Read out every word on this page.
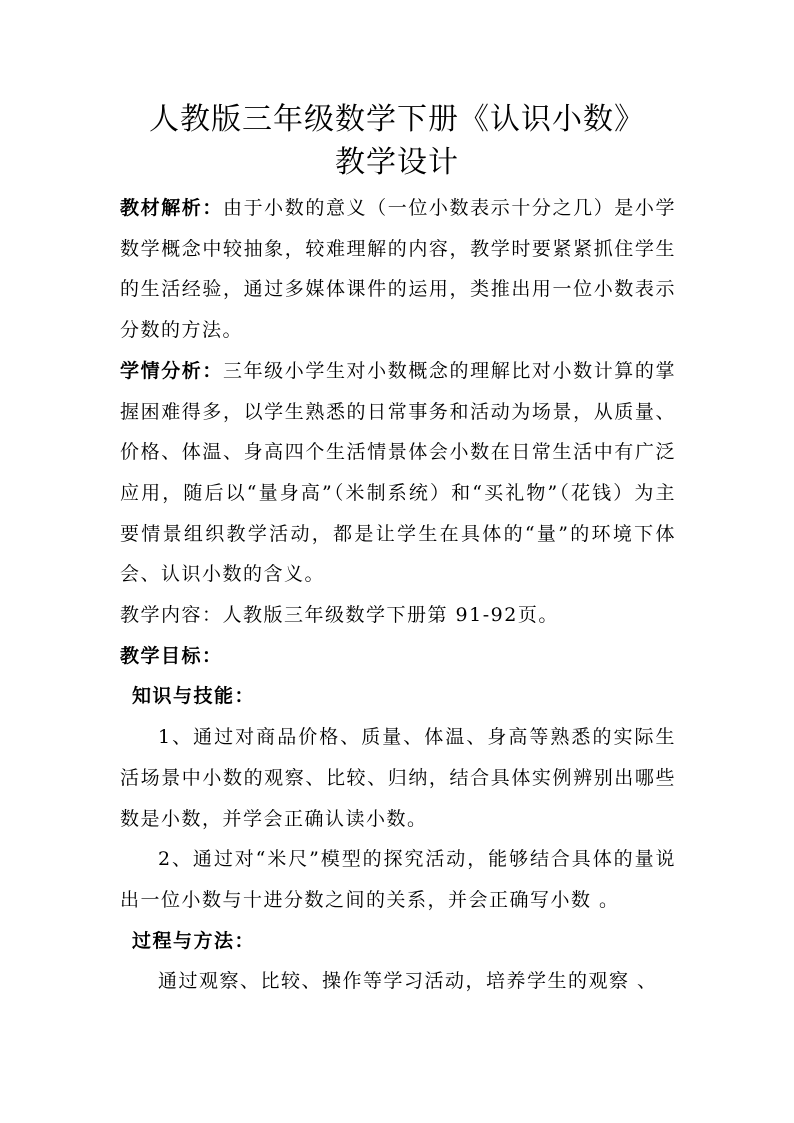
人教版三年级数学下册《认识小数》
教学设计

教材解析：由于小数的意义（一位小数表示十分之几）是小学数学概念中较抽象，较难理解的内容，教学时要紧紧抓住学生的生活经验，通过多媒体课件的运用，类推出用一位小数表示分数的方法。

学情分析：三年级小学生对小数概念的理解比对小数计算的掌握困难得多，以学生熟悉的日常事务和活动为场景，从质量、价格、体温、身高四个生活情景体会小数在日常生活中有广泛应用，随后以“量身高”（米制系统）和“买礼物”（花钱）为主要情景组织教学活动，都是让学生在具体的“量”的环境下体会、认识小数的含义。

教学内容：人教版三年级数学下册第 91-92页。

教学目标：

知识与技能：

1、通过对商品价格、质量、体温、身高等熟悉的实际生活场景中小数的观察、比较、归纳，结合具体实例辨别出哪些数是小数，并学会正确认读小数。

2、通过对“米尺”模型的探究活动，能够结合具体的量说出一位小数与十进分数之间的关系，并会正确写小数 。

过程与方法：

通过观察、比较、操作等学习活动，培养学生的观察 、
